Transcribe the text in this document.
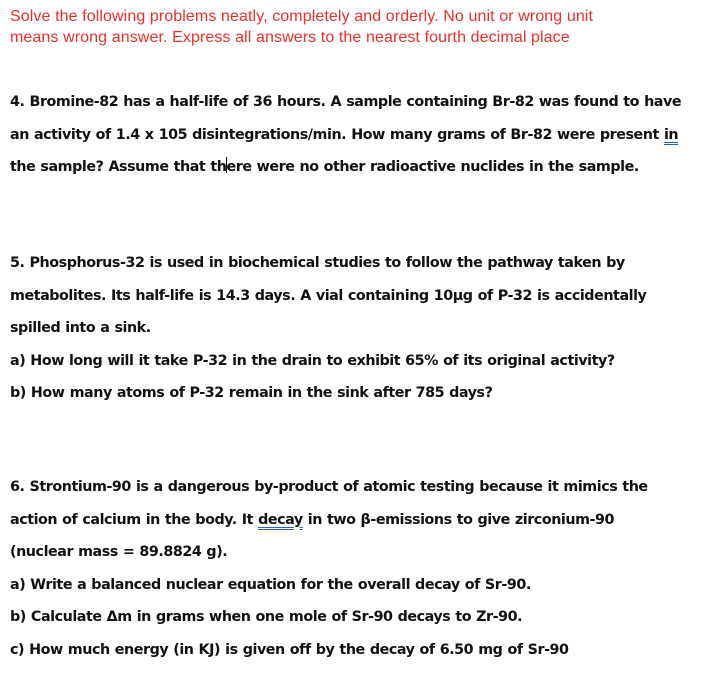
Solve the following problems neatly, completely and orderly. No unit or wrong unit
means wrong answer. Express all answers to the nearest fourth decimal place
4. Bromine-82 has a half-life of 36 hours. A sample containing Br-82 was found to have
an activity of 1.4 x 105 disintegrations/min. How many grams of Br-82 were present in
the sample? Assume that there were no other radioactive nuclides in the sample.
5. Phosphorus-32 is used in biochemical studies to follow the pathway taken by
metabolites. Its half-life is 14.3 days. A vial containing 10µg of P-32 is accidentally
spilled into a sink.
a) How long will it take P-32 in the drain to exhibit 65% of its original activity?
b) How many atoms of P-32 remain in the sink after 785 days?
6. Strontium-90 is a dangerous by-product of atomic testing because it mimics the
action of calcium in the body. It decay in two β-emissions to give zirconium-90
(nuclear mass = 89.8824 g).
a) Write a balanced nuclear equation for the overall decay of Sr-90.
b) Calculate Δm in grams when one mole of Sr-90 decays to Zr-90.
c) How much energy (in KJ) is given off by the decay of 6.50 mg of Sr-90
